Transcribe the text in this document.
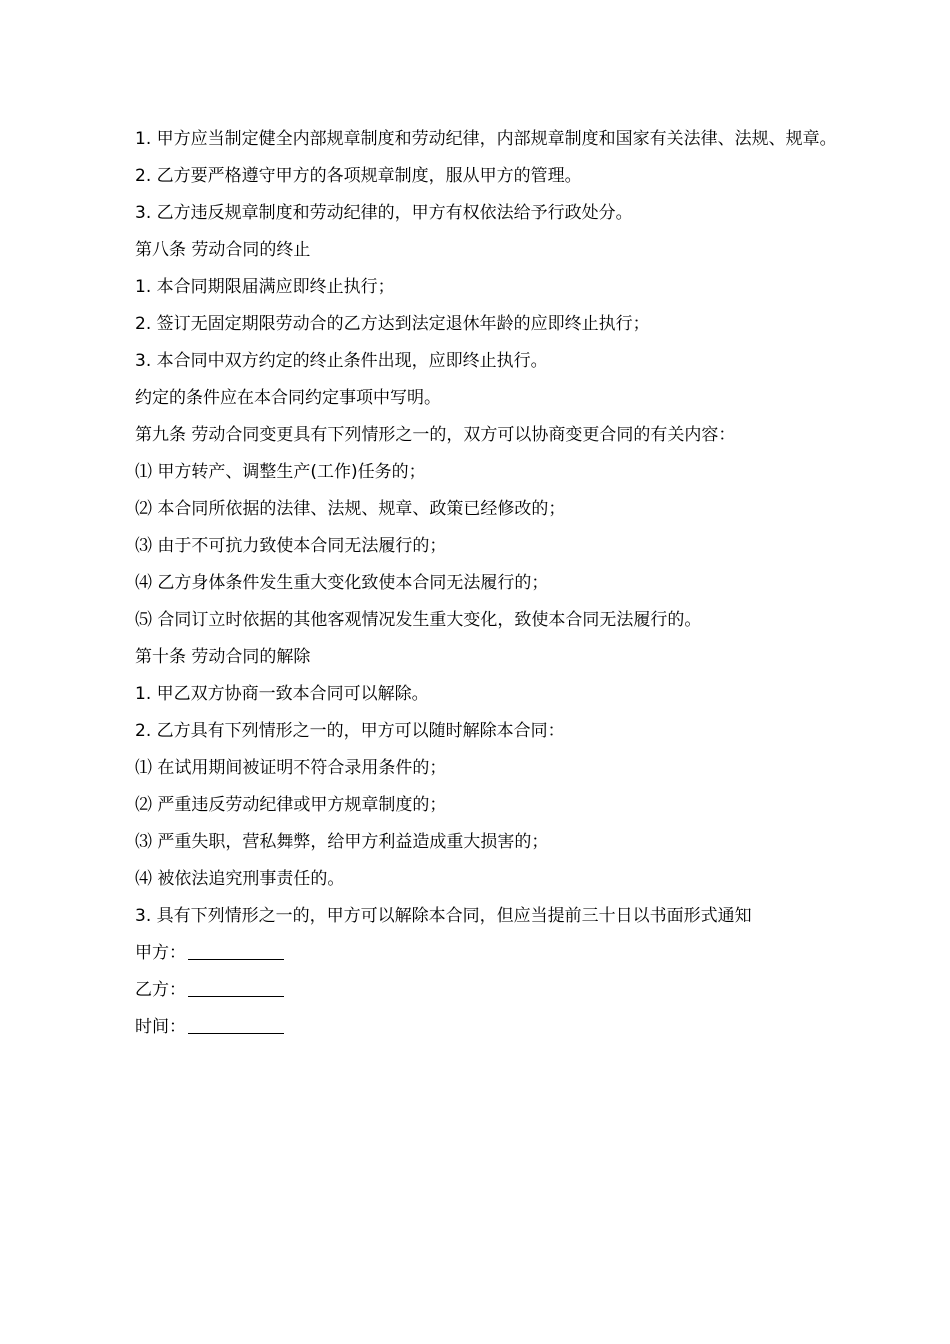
1. 甲方应当制定健全内部规章制度和劳动纪律，内部规章制度和国家有关法律、法规、规章。
2. 乙方要严格遵守甲方的各项规章制度，服从甲方的管理。
3. 乙方违反规章制度和劳动纪律的，甲方有权依法给予行政处分。
第八条 劳动合同的终止
1. 本合同期限届满应即终止执行；
2. 签订无固定期限劳动合的乙方达到法定退休年龄的应即终止执行；
3. 本合同中双方约定的终止条件出现，应即终止执行。
约定的条件应在本合同约定事项中写明。
第九条 劳动合同变更具有下列情形之一的，双方可以协商变更合同的有关内容：
⑴ 甲方转产、调整生产(工作)任务的；
⑵ 本合同所依据的法律、法规、规章、政策已经修改的；
⑶ 由于不可抗力致使本合同无法履行的；
⑷ 乙方身体条件发生重大变化致使本合同无法履行的；
⑸ 合同订立时依据的其他客观情况发生重大变化，致使本合同无法履行的。
第十条 劳动合同的解除
1. 甲乙双方协商一致本合同可以解除。
2. 乙方具有下列情形之一的，甲方可以随时解除本合同：
⑴ 在试用期间被证明不符合录用条件的；
⑵ 严重违反劳动纪律或甲方规章制度的；
⑶ 严重失职，营私舞弊，给甲方利益造成重大损害的；
⑷ 被依法追究刑事责任的。
3. 具有下列情形之一的，甲方可以解除本合同，但应当提前三十日以书面形式通知
甲方：
乙方：
时间：
